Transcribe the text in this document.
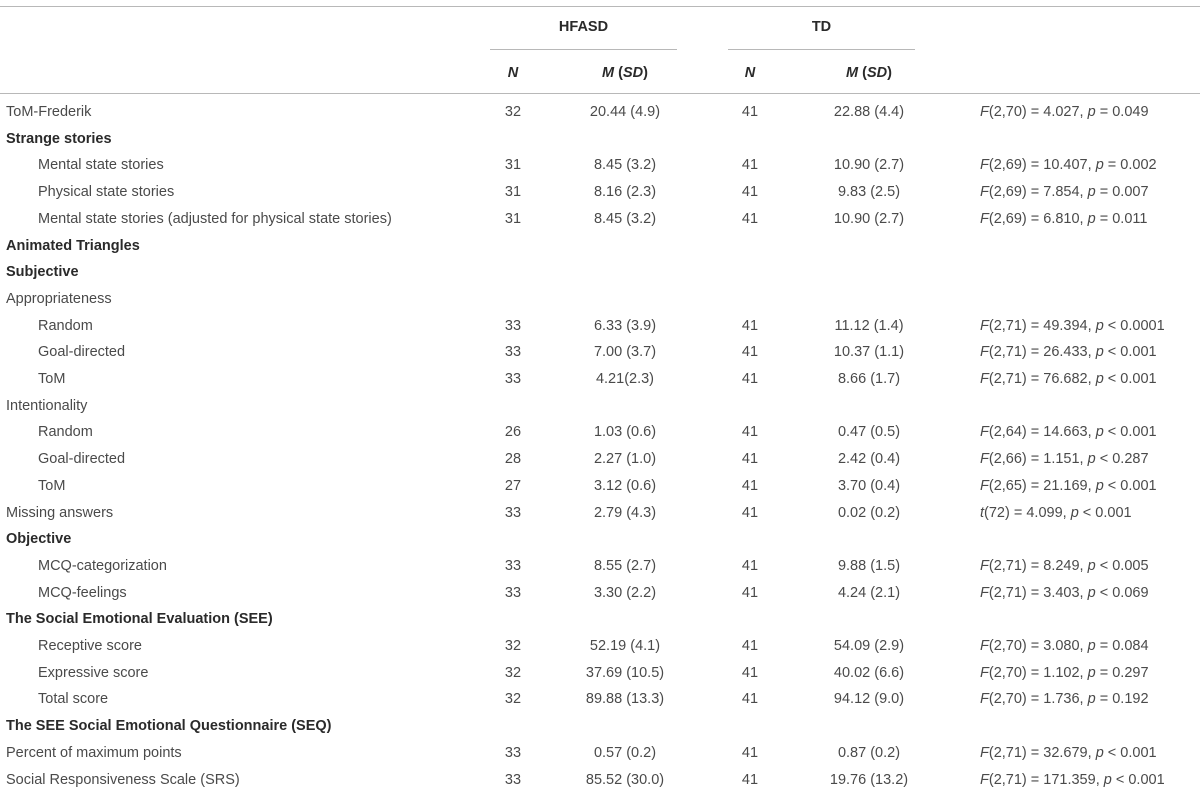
HFASD	TD
N	M (SD)	N	M (SD)
ToM-Frederik	32	20.44 (4.9)	41	22.88 (4.4)	F(2,70) = 4.027, p = 0.049
Strange stories
Mental state stories	31	8.45 (3.2)	41	10.90 (2.7)	F(2,69) = 10.407, p = 0.002
Physical state stories	31	8.16 (2.3)	41	9.83 (2.5)	F(2,69) = 7.854, p = 0.007
Mental state stories (adjusted for physical state stories)	31	8.45 (3.2)	41	10.90 (2.7)	F(2,69) = 6.810, p = 0.011
Animated Triangles
Subjective
Appropriateness
Random	33	6.33 (3.9)	41	11.12 (1.4)	F(2,71) = 49.394, p < 0.0001
Goal-directed	33	7.00 (3.7)	41	10.37 (1.1)	F(2,71) = 26.433, p < 0.001
ToM	33	4.21(2.3)	41	8.66 (1.7)	F(2,71) = 76.682, p < 0.001
Intentionality
Random	26	1.03 (0.6)	41	0.47 (0.5)	F(2,64) = 14.663, p < 0.001
Goal-directed	28	2.27 (1.0)	41	2.42 (0.4)	F(2,66) = 1.151, p < 0.287
ToM	27	3.12 (0.6)	41	3.70 (0.4)	F(2,65) = 21.169, p < 0.001
Missing answers	33	2.79 (4.3)	41	0.02 (0.2)	t(72) = 4.099, p < 0.001
Objective
MCQ-categorization	33	8.55 (2.7)	41	9.88 (1.5)	F(2,71) = 8.249, p < 0.005
MCQ-feelings	33	3.30 (2.2)	41	4.24 (2.1)	F(2,71) = 3.403, p < 0.069
The Social Emotional Evaluation (SEE)
Receptive score	32	52.19 (4.1)	41	54.09 (2.9)	F(2,70) = 3.080, p = 0.084
Expressive score	32	37.69 (10.5)	41	40.02 (6.6)	F(2,70) = 1.102, p = 0.297
Total score	32	89.88 (13.3)	41	94.12 (9.0)	F(2,70) = 1.736, p = 0.192
The SEE Social Emotional Questionnaire (SEQ)
Percent of maximum points	33	0.57 (0.2)	41	0.87 (0.2)	F(2,71) = 32.679, p < 0.001
Social Responsiveness Scale (SRS)	33	85.52 (30.0)	41	19.76 (13.2)	F(2,71) = 171.359, p < 0.001
